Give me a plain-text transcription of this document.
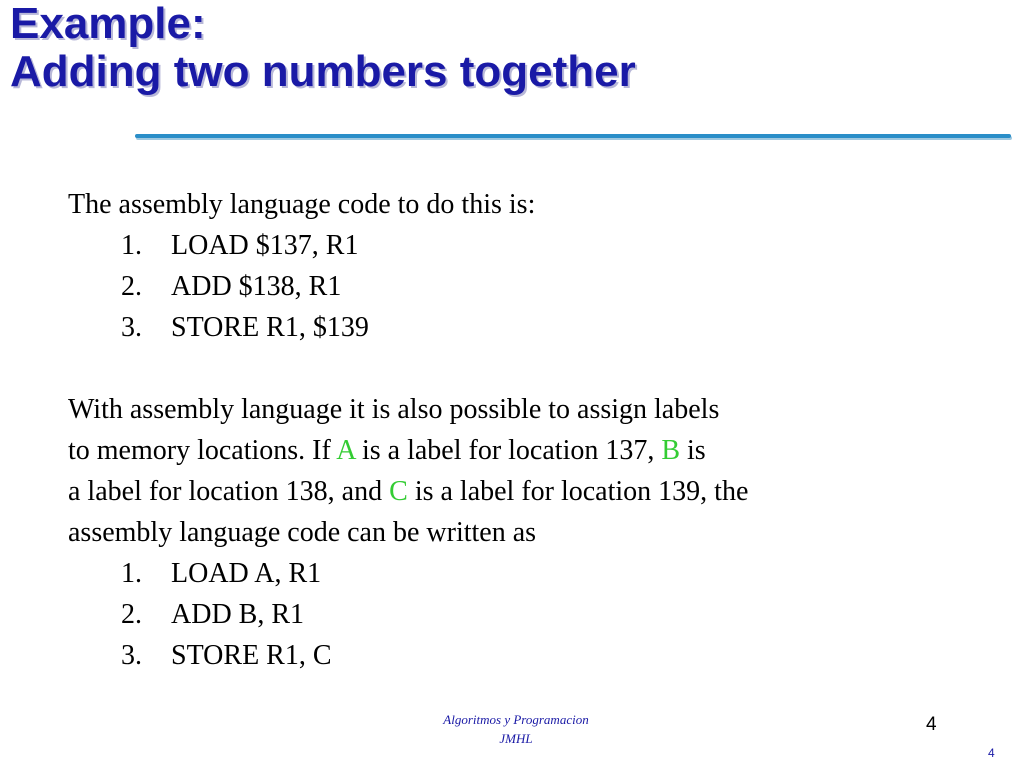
Example:
Adding two numbers together
The assembly language code to do this is:
1. LOAD $137, R1
2. ADD $138, R1
3. STORE R1, $139
With assembly language it is also possible to assign labels
to memory locations. If A is a label for location 137, B is
a label for location 138, and C is a label for location 139, the
assembly language code can be written as
1. LOAD A, R1
2. ADD B, R1
3. STORE R1, C
Algoritmos y Programacion
JMHL
4
4
